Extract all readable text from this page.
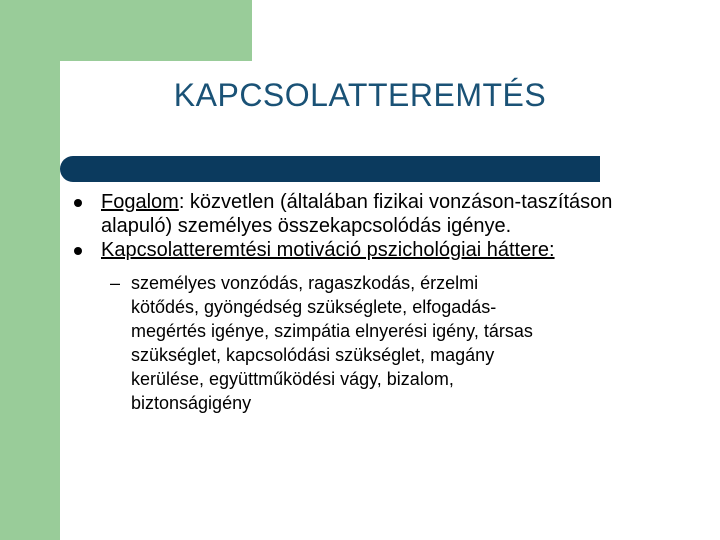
KAPCSOLATTEREMTÉS
Fogalom: közvetlen (általában fizikai vonzáson-taszításon alapuló) személyes összekapcsolódás igénye.
Kapcsolatteremtési motiváció pszichológiai háttere:
– személyes vonzódás, ragaszkodás, érzelmi
kötődés, gyöngédség szükséglete, elfogadás-
megértés igénye, szimpátia elnyerési igény, társas
szükséglet, kapcsolódási szükséglet, magány
kerülése, együttműködési vágy, bizalom,
biztonságigény
